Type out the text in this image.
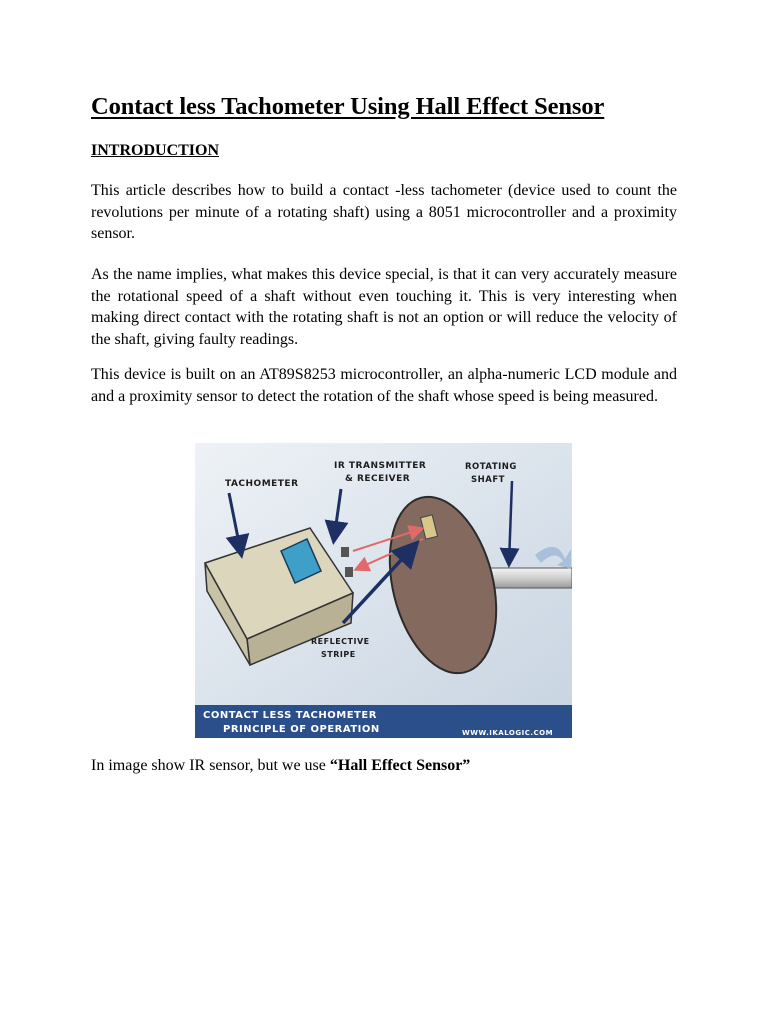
Contact less Tachometer Using Hall Effect Sensor
INTRODUCTION

This article describes how to build a contact -less tachometer (device used to count the revolutions per minute of a rotating shaft) using a 8051 microcontroller and a proximity sensor.

As the name implies, what makes this device special, is that it can very accurately measure the rotational speed of a shaft without even touching it. This is very interesting when making direct contact with the rotating shaft is not an option or will reduce the velocity of the shaft, giving faulty readings.

This device is built on an AT89S8253 microcontroller, an alpha-numeric LCD module and and a proximity sensor to detect the rotation of the shaft whose speed is being measured.

TACHOMETER
IR TRANSMITTER
& RECEIVER
ROTATING
SHAFT
REFLECTIVE
STRIPE
CONTACT LESS TACHOMETER
PRINCIPLE OF OPERATION	WWW.IKALOGIC.COM

In image show IR sensor, but we use “Hall Effect Sensor”
